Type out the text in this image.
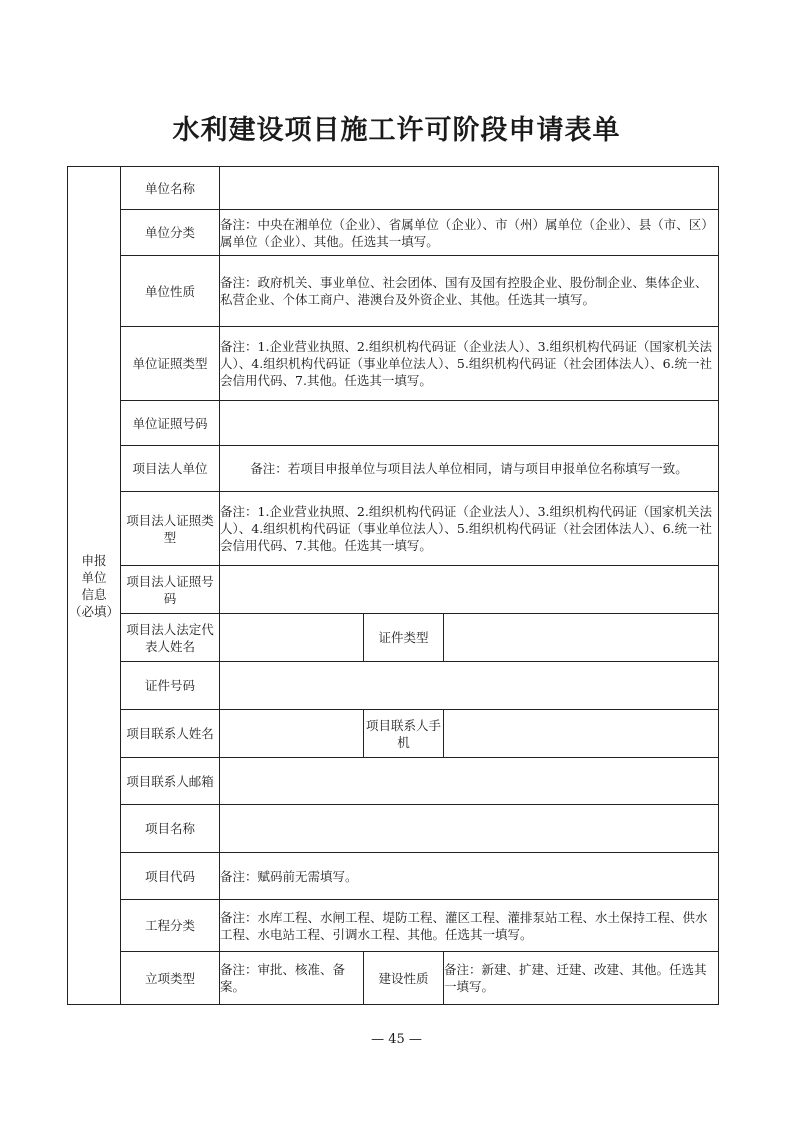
水利建设项目施工许可阶段申请表单
申报
单位
信息
（必填）	单位名称			
	单位分类	备注：中央在湘单位（企业）、省属单位（企业）、市（州）属单位（企业）、县（市、区）属单位（企业）、其他。任选其一填写。		
	单位性质	备注：政府机关、事业单位、社会团体、国有及国有控股企业、股份制企业、集体企业、私营企业、个体工商户、港澳台及外资企业、其他。任选其一填写。		
	单位证照类型	备注：1.企业营业执照、2.组织机构代码证（企业法人）、3.组织机构代码证（国家机关法人）、4.组织机构代码证（事业单位法人）、5.组织机构代码证（社会团体法人）、6.统一社会信用代码、7.其他。任选其一填写。		
	单位证照号码			
	项目法人单位	备注：若项目申报单位与项目法人单位相同，请与项目申报单位名称填写一致。		
	项目法人证照类型	备注：1.企业营业执照、2.组织机构代码证（企业法人）、3.组织机构代码证（国家机关法人）、4.组织机构代码证（事业单位法人）、5.组织机构代码证（社会团体法人）、6.统一社会信用代码、7.其他。任选其一填写。		
	项目法人证照号码			
	项目法人法定代表人姓名		证件类型	
	证件号码			
	项目联系人姓名		项目联系人手机	
	项目联系人邮箱			
	项目名称			
	项目代码	备注：赋码前无需填写。		
	工程分类	备注：水库工程、水闸工程、堤防工程、灌区工程、灌排泵站工程、水土保持工程、供水工程、水电站工程、引调水工程、其他。任选其一填写。		
	立项类型	备注：审批、核准、备案。	建设性质	备注：新建、扩建、迁建、改建、其他。任选其一填写。
— 45 —
